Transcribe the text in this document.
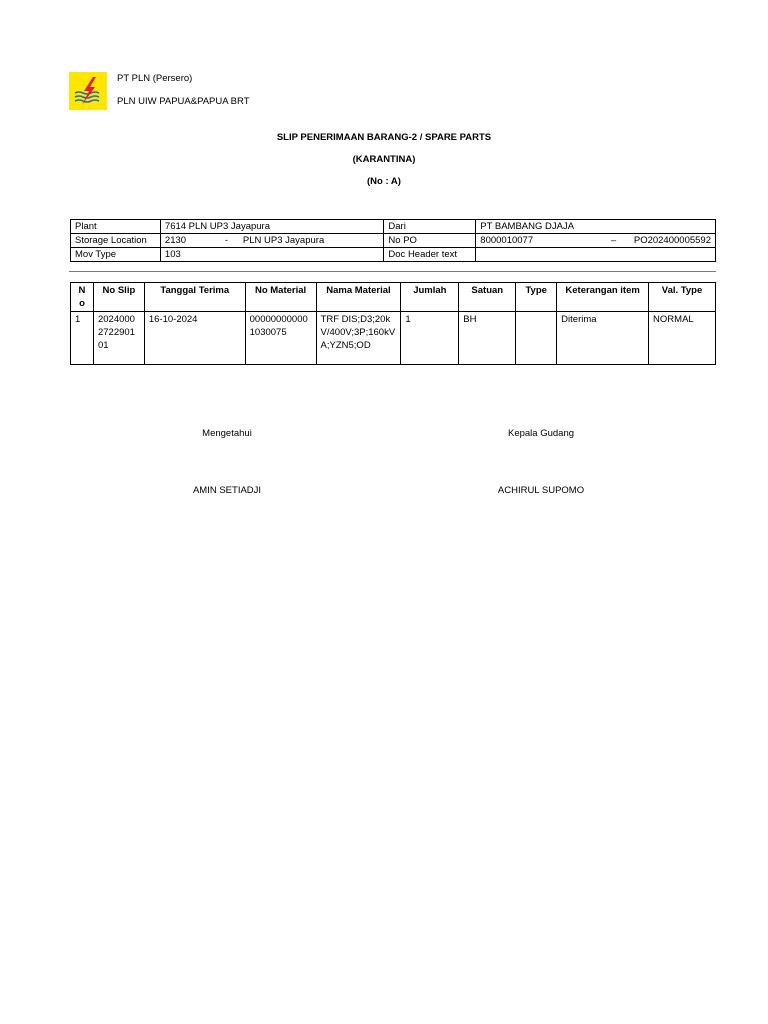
PT PLN (Persero)
PLN UIW PAPUA&PAPUA BRT
SLIP PENERIMAAN BARANG-2 / SPARE PARTS
(KARANTINA)
(No : A)
Plant	7614 PLN UP3 Jayapura	Dari	PT BAMBANG DJAJA
Storage Location	2130 - PLN UP3 Jayapura	No PO	8000010077 – PO202400005592

Mov Type	103	Doc Header text	
N o	No Slip	Tanggal Terima	No Material	Nama Material	Jumlah	Satuan	Type	Keterangan item	Val. Type
1	2024000272290101	16-10-2024	000000000001030075	TRF DIS;D3;20kV/400V;3P;160kVA;YZN5;OD	1	BH		Diterima	NORMAL
Mengetahui
AMIN SETIADJI
Kepala Gudang
ACHIRUL SUPOMO
